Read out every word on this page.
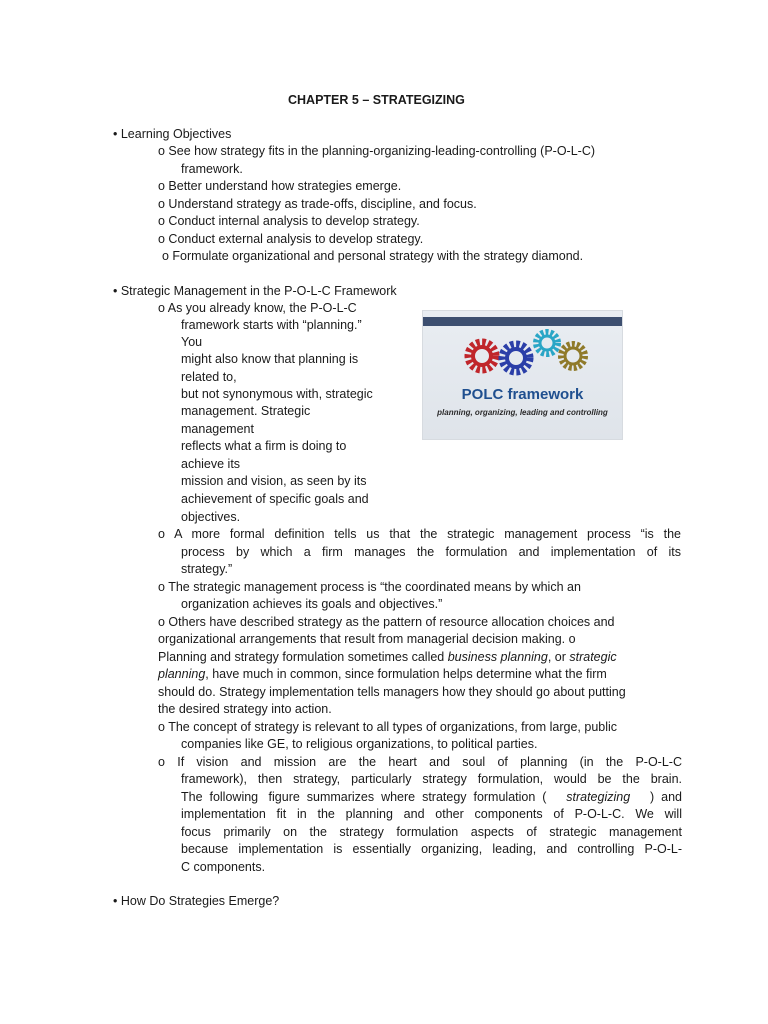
CHAPTER 5 – STRATEGIZING
• Learning Objectives
o See how strategy fits in the planning-organizing-leading-controlling (P-O-L-C)
framework.
o Better understand how strategies emerge.
o Understand strategy as trade-offs, discipline, and focus.
o Conduct internal analysis to develop strategy.
o Conduct external analysis to develop strategy.
o Formulate organizational and personal strategy with the strategy diamond.
• Strategic Management in the P-O-L-C Framework
o As you already know, the P-O-L-C
framework starts with “planning.”
You
might also know that planning is
related to,
but not synonymous with, strategic
management. Strategic
management
reflects what a firm is doing to
achieve its
mission and vision, as seen by its
achievement of specific goals and
objectives.
POLC framework
planning, organizing, leading and controlling
o A more formal definition tells us that the strategic management process “is the
process by which a firm manages the formulation and implementation of its
strategy.”
o The strategic management process is “the coordinated means by which an
organization achieves its goals and objectives.”
o Others have described strategy as the pattern of resource allocation choices and
organizational arrangements that result from managerial decision making. o
Planning and strategy formulation sometimes called business planning, or strategic
planning, have much in common, since formulation helps determine what the firm
should do. Strategy implementation tells managers how they should go about putting
the desired strategy into action.
o The concept of strategy is relevant to all types of organizations, from large, public
companies like GE, to religious organizations, to political parties.
o If vision and mission are the heart and soul of planning (in the P-O-L-C
framework), then strategy, particularly strategy formulation, would be the brain.
The  following   figure  summarizes  where  strategy  formulation  ( strategizing )  and
implementation fit in the planning and other components of P-O-L-C. We will
focus primarily on the strategy formulation aspects of strategic management
because implementation is essentially organizing, leading, and controlling P-O-L-
C components.
• How Do Strategies Emerge?
